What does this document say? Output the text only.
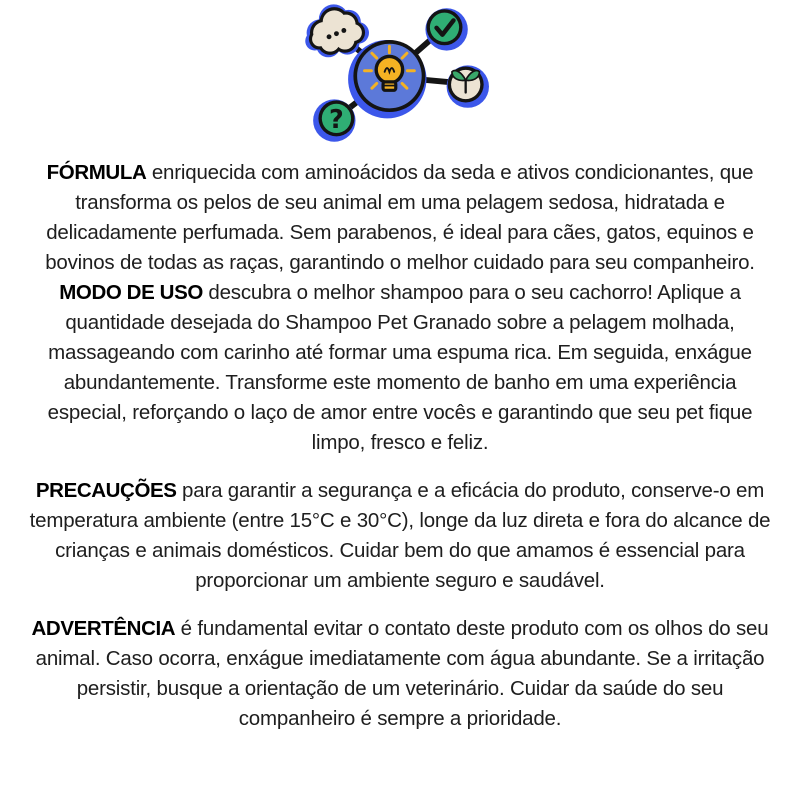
?

FÓRMULA enriquecida com aminoácidos da seda e ativos condicionantes, que transforma os pelos de seu animal em uma pelagem sedosa, hidratada e delicadamente perfumada. Sem parabenos, é ideal para cães, gatos, equinos e bovinos de todas as raças, garantindo o melhor cuidado para seu companheiro.

MODO DE USO descubra o melhor shampoo para o seu cachorro! Aplique a quantidade desejada do Shampoo Pet Granado sobre a pelagem molhada, massageando com carinho até formar uma espuma rica. Em seguida, enxágue abundantemente. Transforme este momento de banho em uma experiência especial, reforçando o laço de amor entre vocês e garantindo que seu pet fique limpo, fresco e feliz.

PRECAUÇÕES para garantir a segurança e a eficácia do produto, conserve-o em temperatura ambiente (entre 15°C e 30°C), longe da luz direta e fora do alcance de crianças e animais domésticos. Cuidar bem do que amamos é essencial para proporcionar um ambiente seguro e saudável.

ADVERTÊNCIA é fundamental evitar o contato deste produto com os olhos do seu animal. Caso ocorra, enxágue imediatamente com água abundante. Se a irritação persistir, busque a orientação de um veterinário. Cuidar da saúde do seu companheiro é sempre a prioridade.
